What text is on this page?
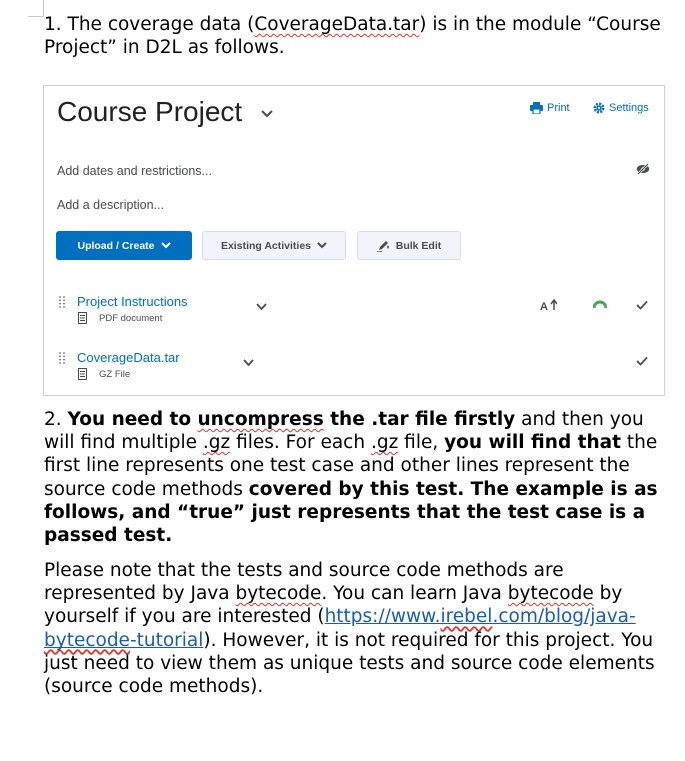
1. The coverage data (CoverageData.tar) is in the module “Course Project” in D2L as follows.

Course Project	Print	Settings
Add dates and restrictions...
Add a description...
Upload / Create	Existing Activities	Bulk Edit
Project Instructions
PDF document
A
CoverageData.tar
GZ File

2. You need to uncompress the .tar file firstly and then you will find multiple .gz files. For each .gz file, you will find that the first line represents one test case and other lines represent the source code methods covered by this test. The example is as follows, and “true” just represents that the test case is a passed test.

Please note that the tests and source code methods are represented by Java bytecode. You can learn Java bytecode by yourself if you are interested (https://www.irebel.com/blog/java-bytecode-tutorial). However, it is not required for this project. You just need to view them as unique tests and source code elements (source code methods).
